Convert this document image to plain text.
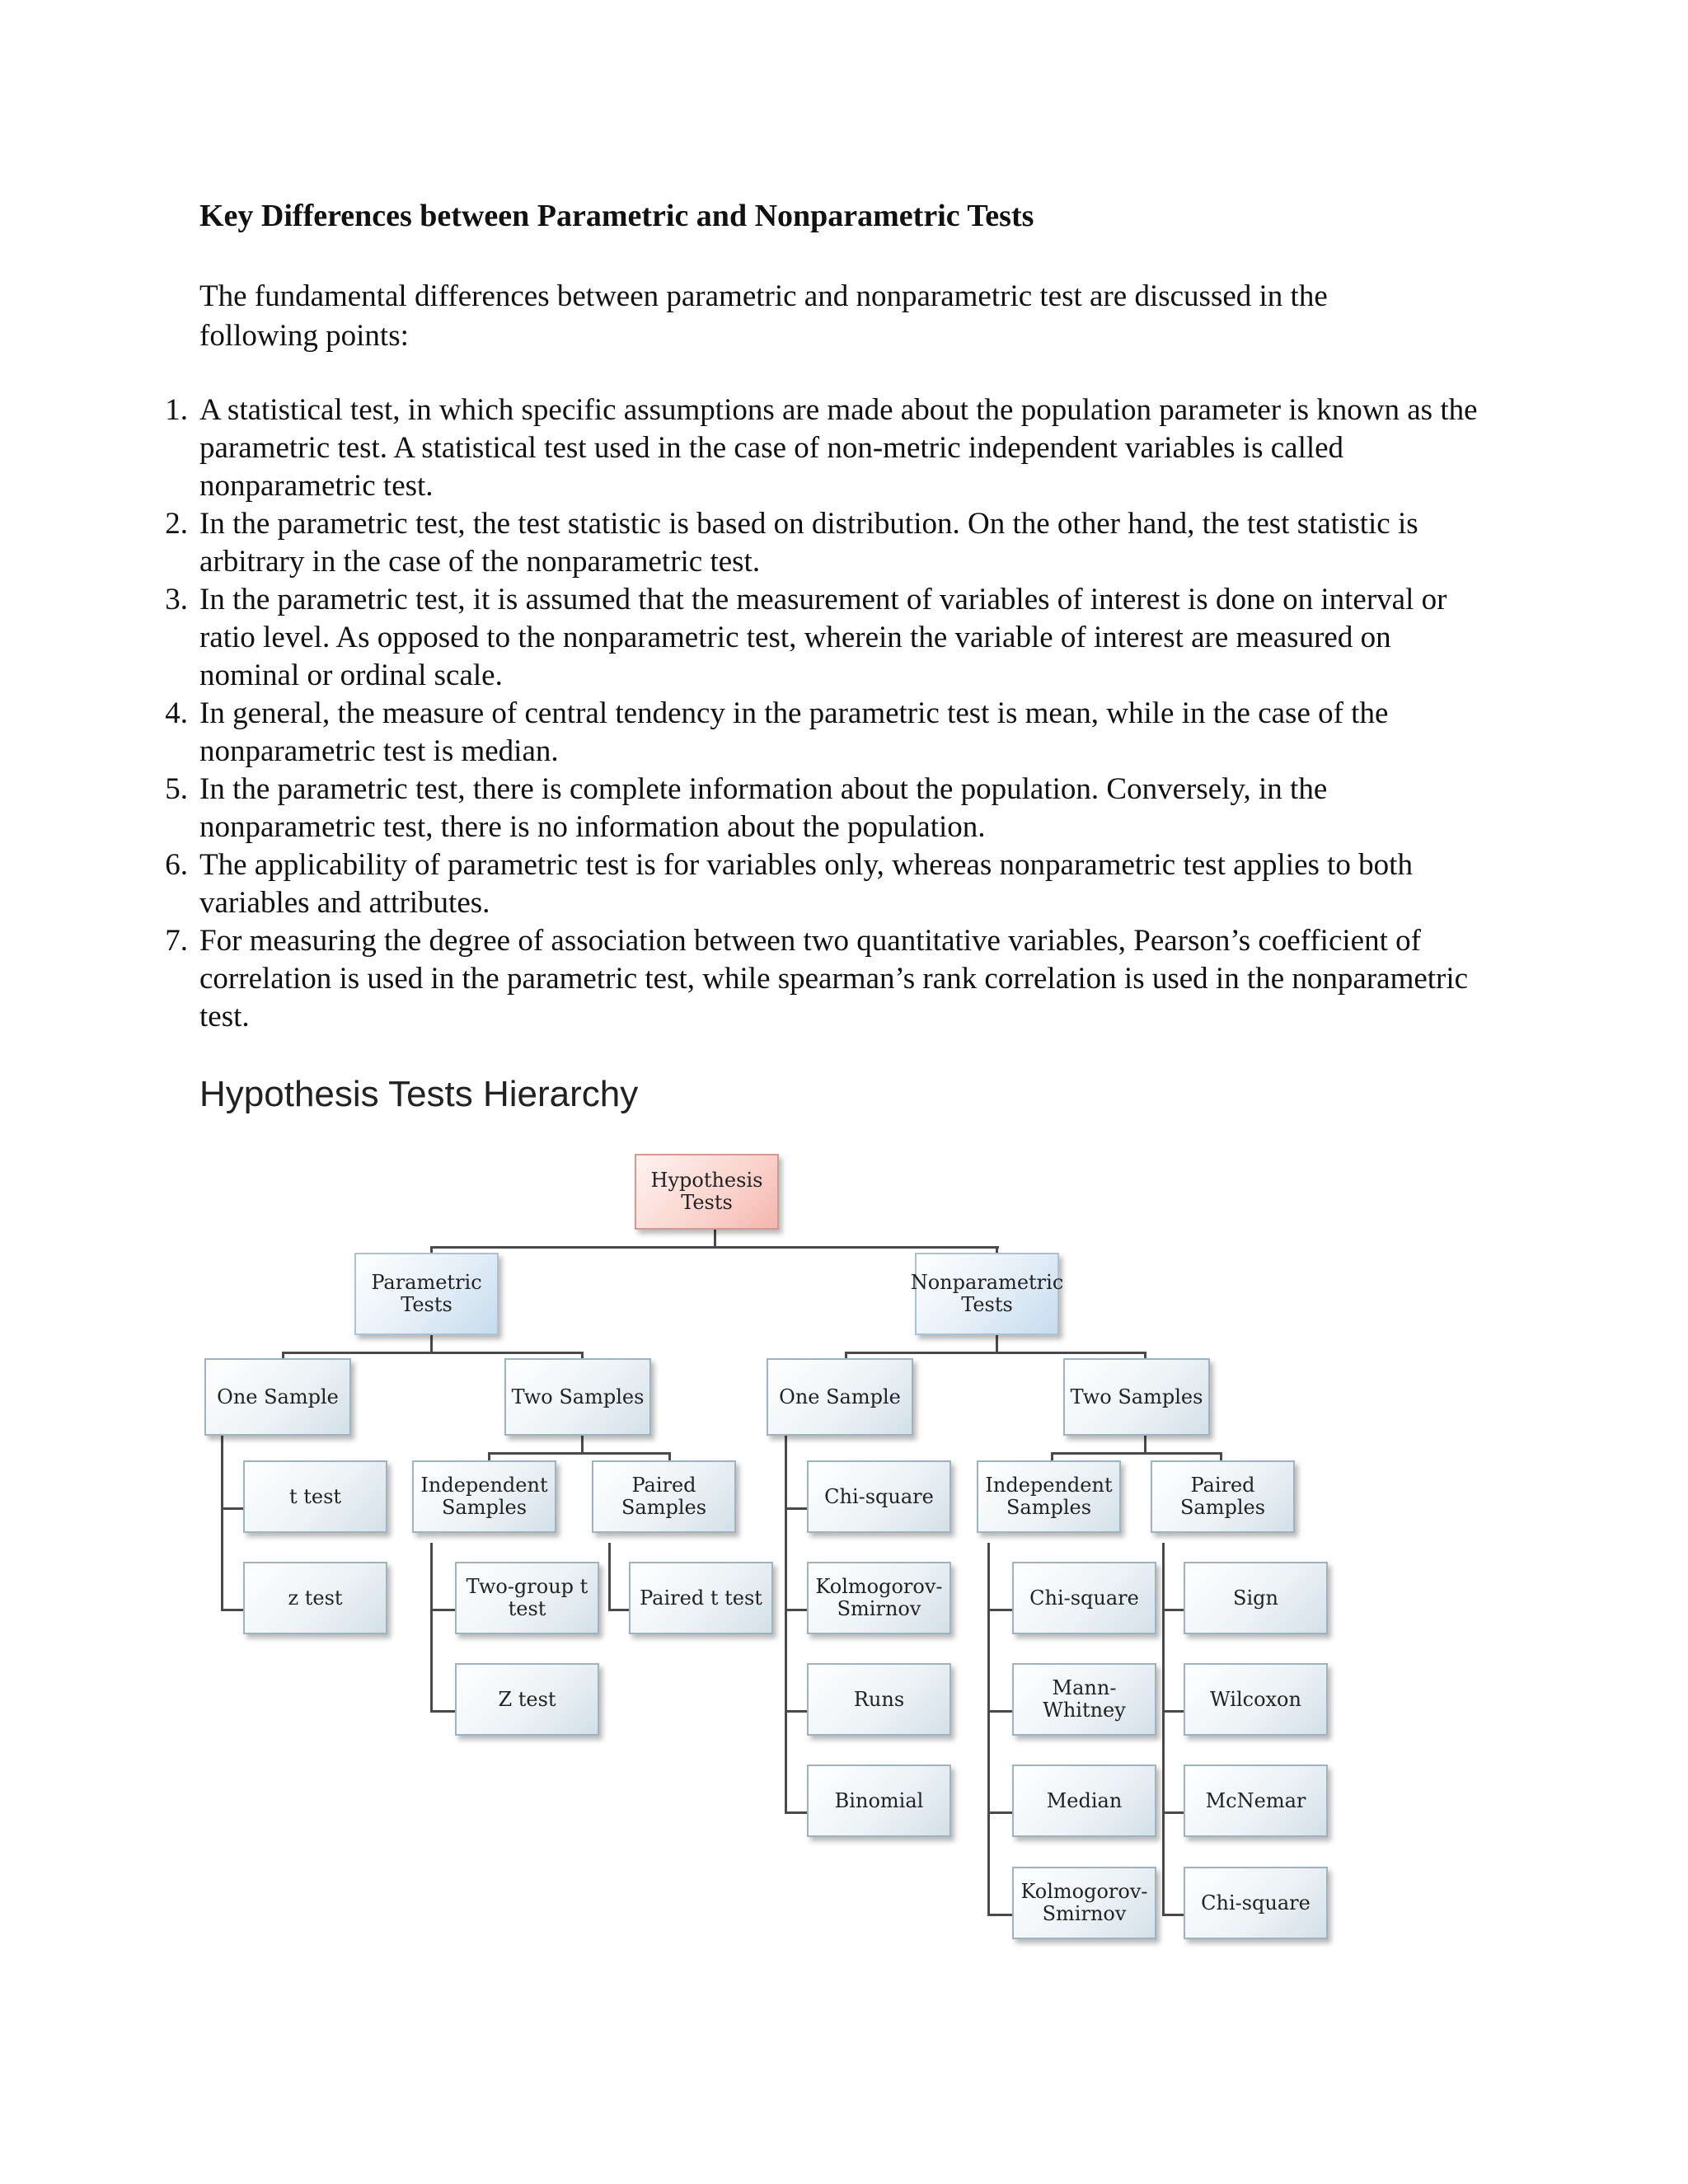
Key Differences between Parametric and Nonparametric Tests
The fundamental differences between parametric and nonparametric test are discussed in the following points:
1. A statistical test, in which specific assumptions are made about the population parameter is known as the parametric test. A statistical test used in the case of non-metric independent variables is called nonparametric test.
2. In the parametric test, the test statistic is based on distribution. On the other hand, the test statistic is arbitrary in the case of the nonparametric test.
3. In the parametric test, it is assumed that the measurement of variables of interest is done on interval or ratio level. As opposed to the nonparametric test, wherein the variable of interest are measured on nominal or ordinal scale.
4. In general, the measure of central tendency in the parametric test is mean, while in the case of the nonparametric test is median.
5. In the parametric test, there is complete information about the population. Conversely, in the nonparametric test, there is no information about the population.
6. The applicability of parametric test is for variables only, whereas nonparametric test applies to both variables and attributes.
7. For measuring the degree of association between two quantitative variables, Pearson’s coefficient of correlation is used in the parametric test, while spearman’s rank correlation is used in the nonparametric test.
Hypothesis Tests Hierarchy
Hypothesis Tests
Parametric Tests
Nonparametric Tests
One Sample	Two Samples	One Sample	Two Samples
t test
z test
Independent Samples
Paired Samples
Two-group t test
Z test
Paired t test
Chi-square
Kolmogorov-Smirnov
Runs
Binomial
Independent Samples
Paired Samples
Chi-square
Mann-Whitney
Median
Kolmogorov-Smirnov
Sign
Wilcoxon
McNemar
Chi-square
